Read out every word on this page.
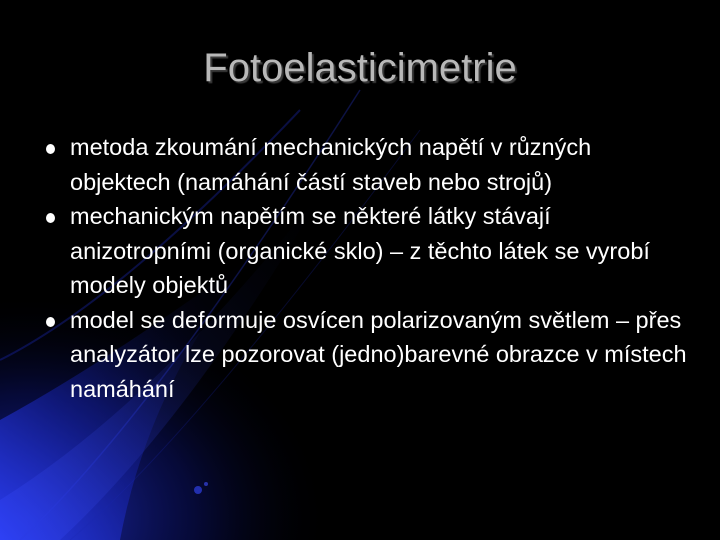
Fotoelasticimetrie
metoda zkoumání mechanických napětí v různých objektech (namáhání částí staveb nebo strojů)
mechanickým napětím se některé látky stávají anizotropními (organické sklo) – z těchto látek se vyrobí modely objektů
model se deformuje osvícen polarizovaným světlem – přes analyzátor lze pozorovat (jedno)barevné obrazce v místech namáhání
